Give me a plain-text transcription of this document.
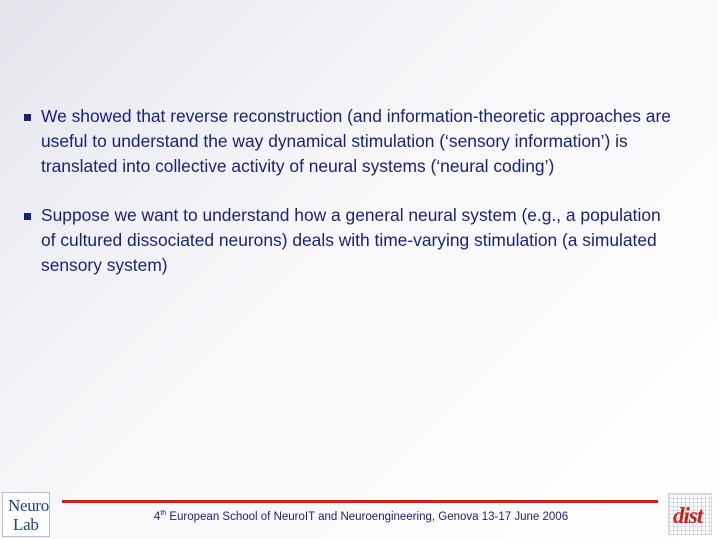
We showed that reverse reconstruction (and information-theoretic approaches are useful to understand the way dynamical stimulation (‘sensory information’) is translated into collective activity of neural systems (‘neural coding’)
Suppose we want to understand how a general neural system (e.g., a population of cultured dissociated neurons) deals with time-varying stimulation (a simulated sensory system)
Neuro
Lab	4th European School of NeuroIT and Neuroengineering, Genova 13-17 June 2006	dist
